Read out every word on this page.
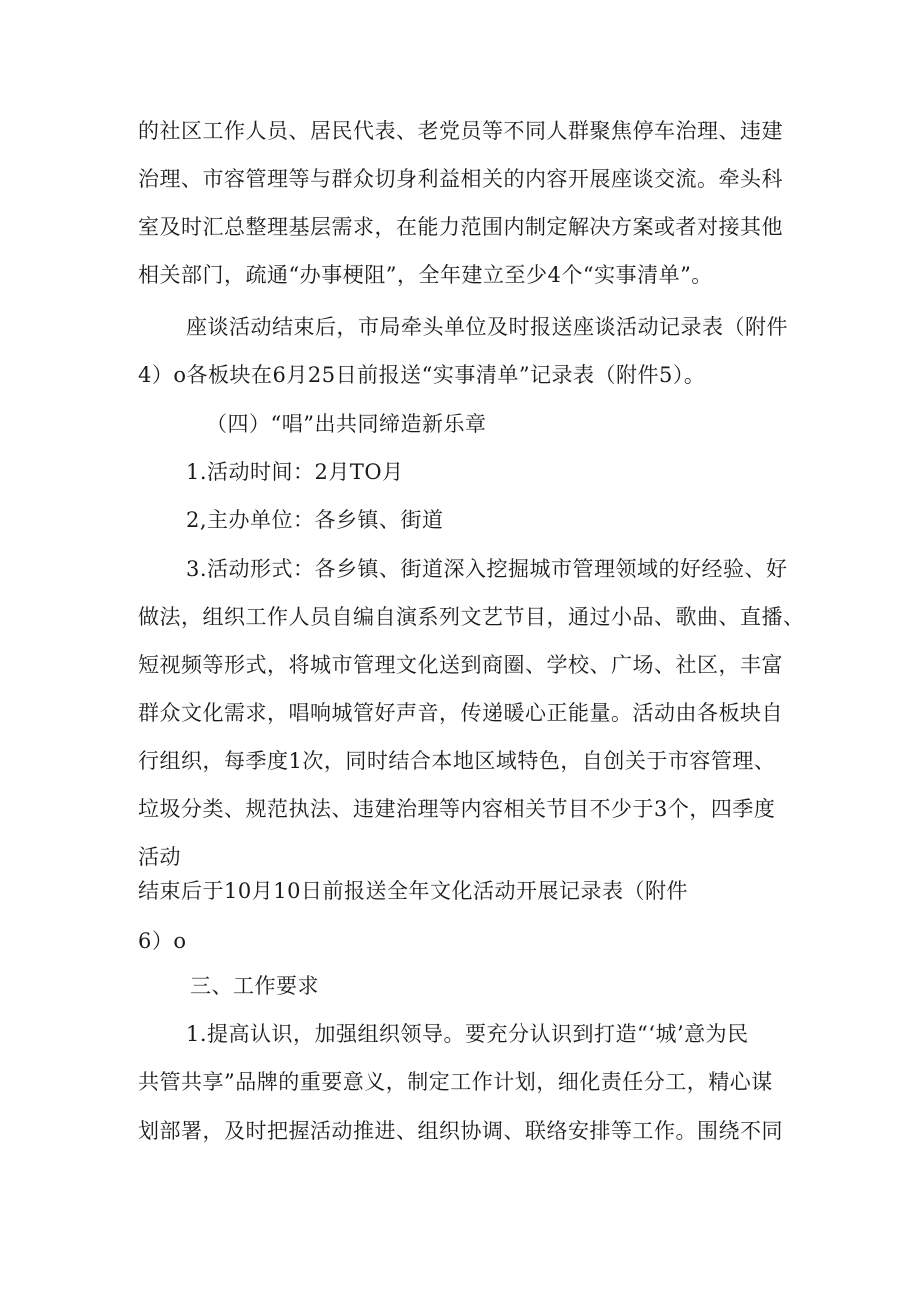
的社区工作人员、居民代表、老党员等不同人群聚焦停车治理、违建
治理、市容管理等与群众切身利益相关的内容开展座谈交流。牵头科
室及时汇总整理基层需求，在能力范围内制定解决方案或者对接其他
相关部门，疏通“办事梗阻”，全年建立至少4个“实事清单”。
座谈活动结束后，市局牵头单位及时报送座谈活动记录表（附件
4）o各板块在6月25日前报送“实事清单”记录表（附件5）。
（四）“唱”出共同缔造新乐章
1.活动时间：2月TO月
2,主办单位：各乡镇、街道
3.活动形式：各乡镇、街道深入挖掘城市管理领域的好经验、好
做法，组织工作人员自编自演系列文艺节目，通过小品、歌曲、直播、
短视频等形式，将城市管理文化送到商圈、学校、广场、社区，丰富
群众文化需求，唱响城管好声音，传递暖心正能量。活动由各板块自
行组织，每季度1次，同时结合本地区域特色，自创关于市容管理、
垃圾分类、规范执法、违建治理等内容相关节目不少于3个，四季度
活动
结束后于10月10日前报送全年文化活动开展记录表（附件
6）o
三、工作要求
1.提高认识，加强组织领导。要充分认识到打造“‘城’意为民
共管共享”品牌的重要意义，制定工作计划，细化责任分工，精心谋
划部署，及时把握活动推进、组织协调、联络安排等工作。围绕不同
